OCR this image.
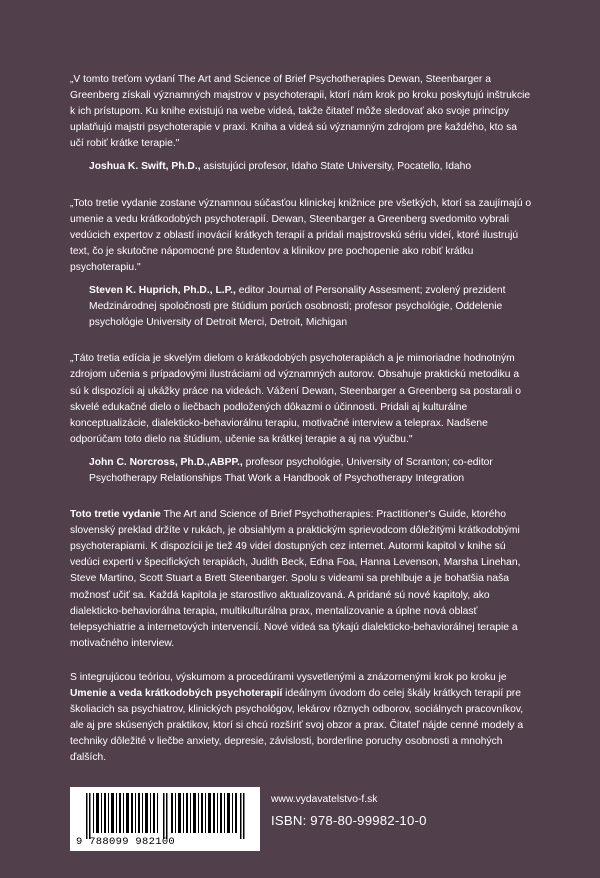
„V tomto treťom vydaní The Art and Science of Brief Psychotherapies Dewan, Steenbarger a Greenberg získali významných majstrov v psychoterapii, ktorí nám krok po kroku poskytujú inštrukcie k ich prístupom. Ku knihe existujú na webe videá, takže čitateľ môže sledovať ako svoje princípy uplatňujú majstri psychoterapie v praxi. Kniha a videá sú významným zdrojom pre každého, kto sa učí robiť krátke terapie."

Joshua K. Swift, Ph.D., asistujúci profesor, Idaho State University, Pocatello, Idaho

„Toto tretie vydanie zostane významnou súčasťou klinickej knižnice pre všetkých, ktorí sa zaujímajú o umenie a vedu krátkodobých psychoterapií. Dewan, Steenbarger a Greenberg svedomito vybrali vedúcich expertov z oblastí inovácií krátkych terapií a pridali majstrovskú sériu videí, ktoré ilustrujú text, čo je skutočne nápomocné pre študentov a klinikov pre pochopenie ako robiť krátku psychoterapiu."

Steven K. Huprich, Ph.D., L.P., editor Journal of Personality Assesment; zvolený prezident Medzinárodnej spoločnosti pre štúdium porúch osobnosti; profesor psychológie, Oddelenie psychológie University of Detroit Merci, Detroit, Michigan

„Táto tretia edícia je skvelým dielom o krátkodobých psychoterapiách a je mimoriadne hodnotným zdrojom učenia s prípadovými ilustráciami od významných autorov. Obsahuje praktickú metodiku a sú k dispozícii aj ukážky práce na videách. Vážení Dewan, Steenbarger a Greenberg sa postarali o skvelé edukačné dielo o liečbach podložených dôkazmi o účinnosti. Pridali aj kulturálne konceptualizácie, dialekticko-behaviorálnu terapiu, motivačné interview a teleprax. Nadšene odporúčam toto dielo na štúdium, učenie sa krátkej terapie a aj na výučbu."

John C. Norcross, Ph.D.,ABPP., profesor psychológie, University of Scranton; co-editor Psychotherapy Relationships That Work a Handbook of Psychotherapy Integration

Toto tretie vydanie The Art and Science of Brief Psychotherapies: Practitioner's Guide, ktorého slovenský preklad držíte v rukách, je obsiahlym a praktickým sprievodcom dôležitými krátkodobými psychoterapiami. K dispozícii je tiež 49 videí dostupných cez internet. Autormi kapitol v knihe sú vedúci experti v špecifických terapiách, Judith Beck, Edna Foa, Hanna Levenson, Marsha Linehan, Steve Martino, Scott Stuart a Brett Steenbarger. Spolu s videami sa prehlbuje a je bohatšia naša možnosť učiť sa. Každá kapitola je starostlivo aktualizovaná. A pridané sú nové kapitoly, ako dialekticko-behaviorálna terapia, multikulturálna prax, mentalizovanie a úplne nová oblasť telepsychiatrie a internetových intervencií. Nové videá sa týkajú dialekticko-behaviorálnej terapie a motivačného interview.

S integrujúcou teóriou, výskumom a procedúrami vysvetlenými a znázornenými krok po kroku je Umenie a veda krátkodobých psychoterapií ideálnym úvodom do celej škály krátkych terapií pre školiacich sa psychiatrov, klinických psychológov, lekárov rôznych odborov, sociálnych pracovníkov, ale aj pre skúsených praktikov, ktorí si chcú rozšíriť svoj obzor a prax. Čitateľ nájde cenné modely a techniky dôležité v liečbe anxiety, depresie, závislosti, borderline poruchy osobnosti a mnohých ďalších.

9 788099 982100
www.vydavatelstvo-f.sk
ISBN: 978-80-99982-10-0
